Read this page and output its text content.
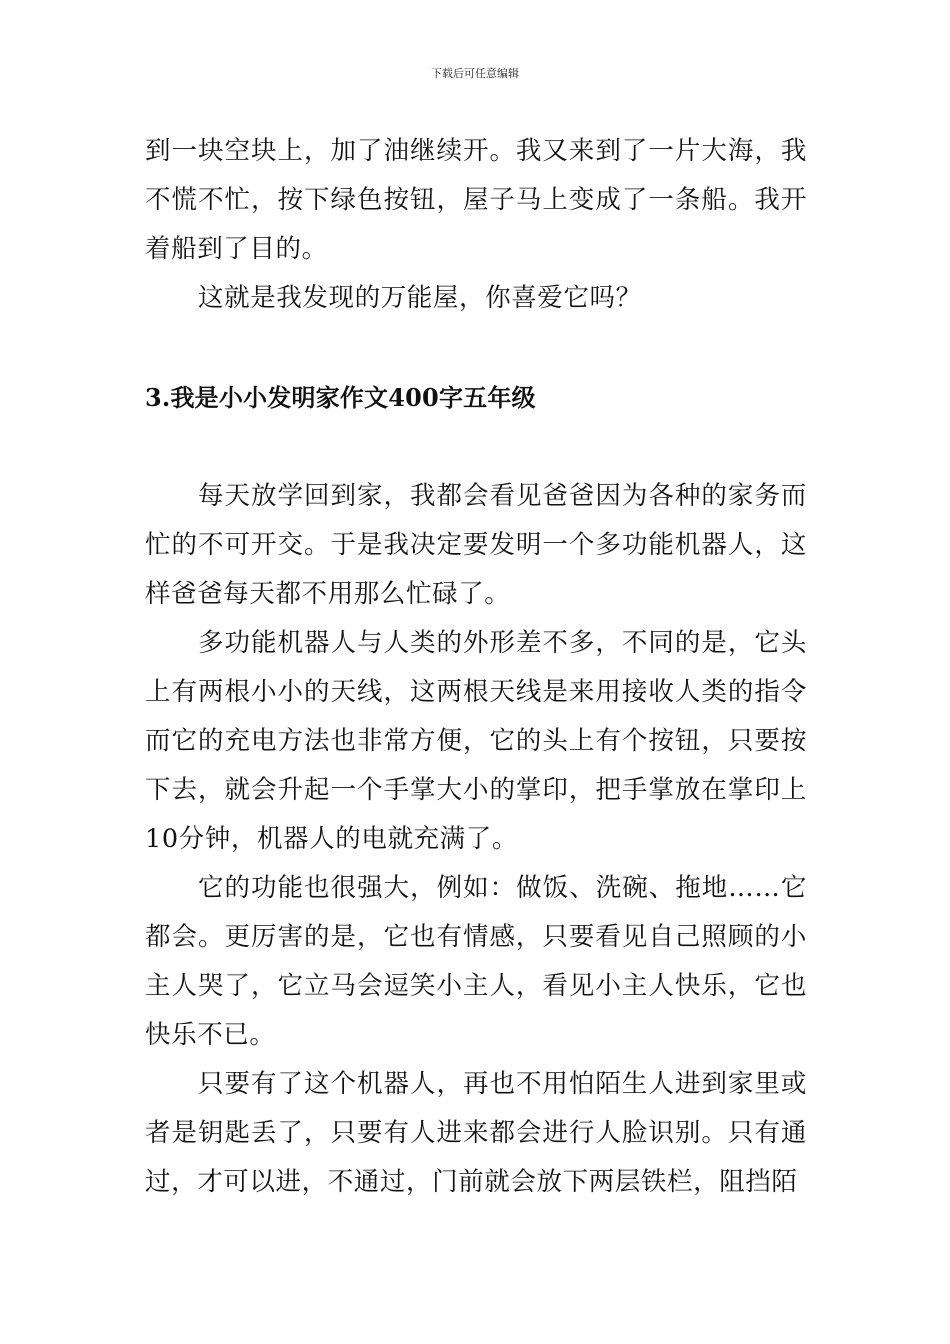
下载后可任意编辑

到一块空块上，加了油继续开。我又来到了一片大海，我不慌不忙，按下绿色按钮，屋子马上变成了一条船。我开着船到了目的。

这就是我发现的万能屋，你喜爱它吗？

3.我是小小发明家作文400字五年级

每天放学回到家，我都会看见爸爸因为各种的家务而忙的不可开交。于是我决定要发明一个多功能机器人，这样爸爸每天都不用那么忙碌了。

多功能机器人与人类的外形差不多，不同的是，它头上有两根小小的天线，这两根天线是来用接收人类的指令而它的充电方法也非常方便，它的头上有个按钮，只要按下去，就会升起一个手掌大小的掌印，把手掌放在掌印上10分钟，机器人的电就充满了。

它的功能也很强大，例如：做饭、洗碗、拖地……它都会。更厉害的是，它也有情感，只要看见自己照顾的小主人哭了，它立马会逗笑小主人，看见小主人快乐，它也快乐不已。

只要有了这个机器人，再也不用怕陌生人进到家里或者是钥匙丢了，只要有人进来都会进行人脸识别。只有通过，才可以进，不通过，门前就会放下两层铁栏，阻挡陌
